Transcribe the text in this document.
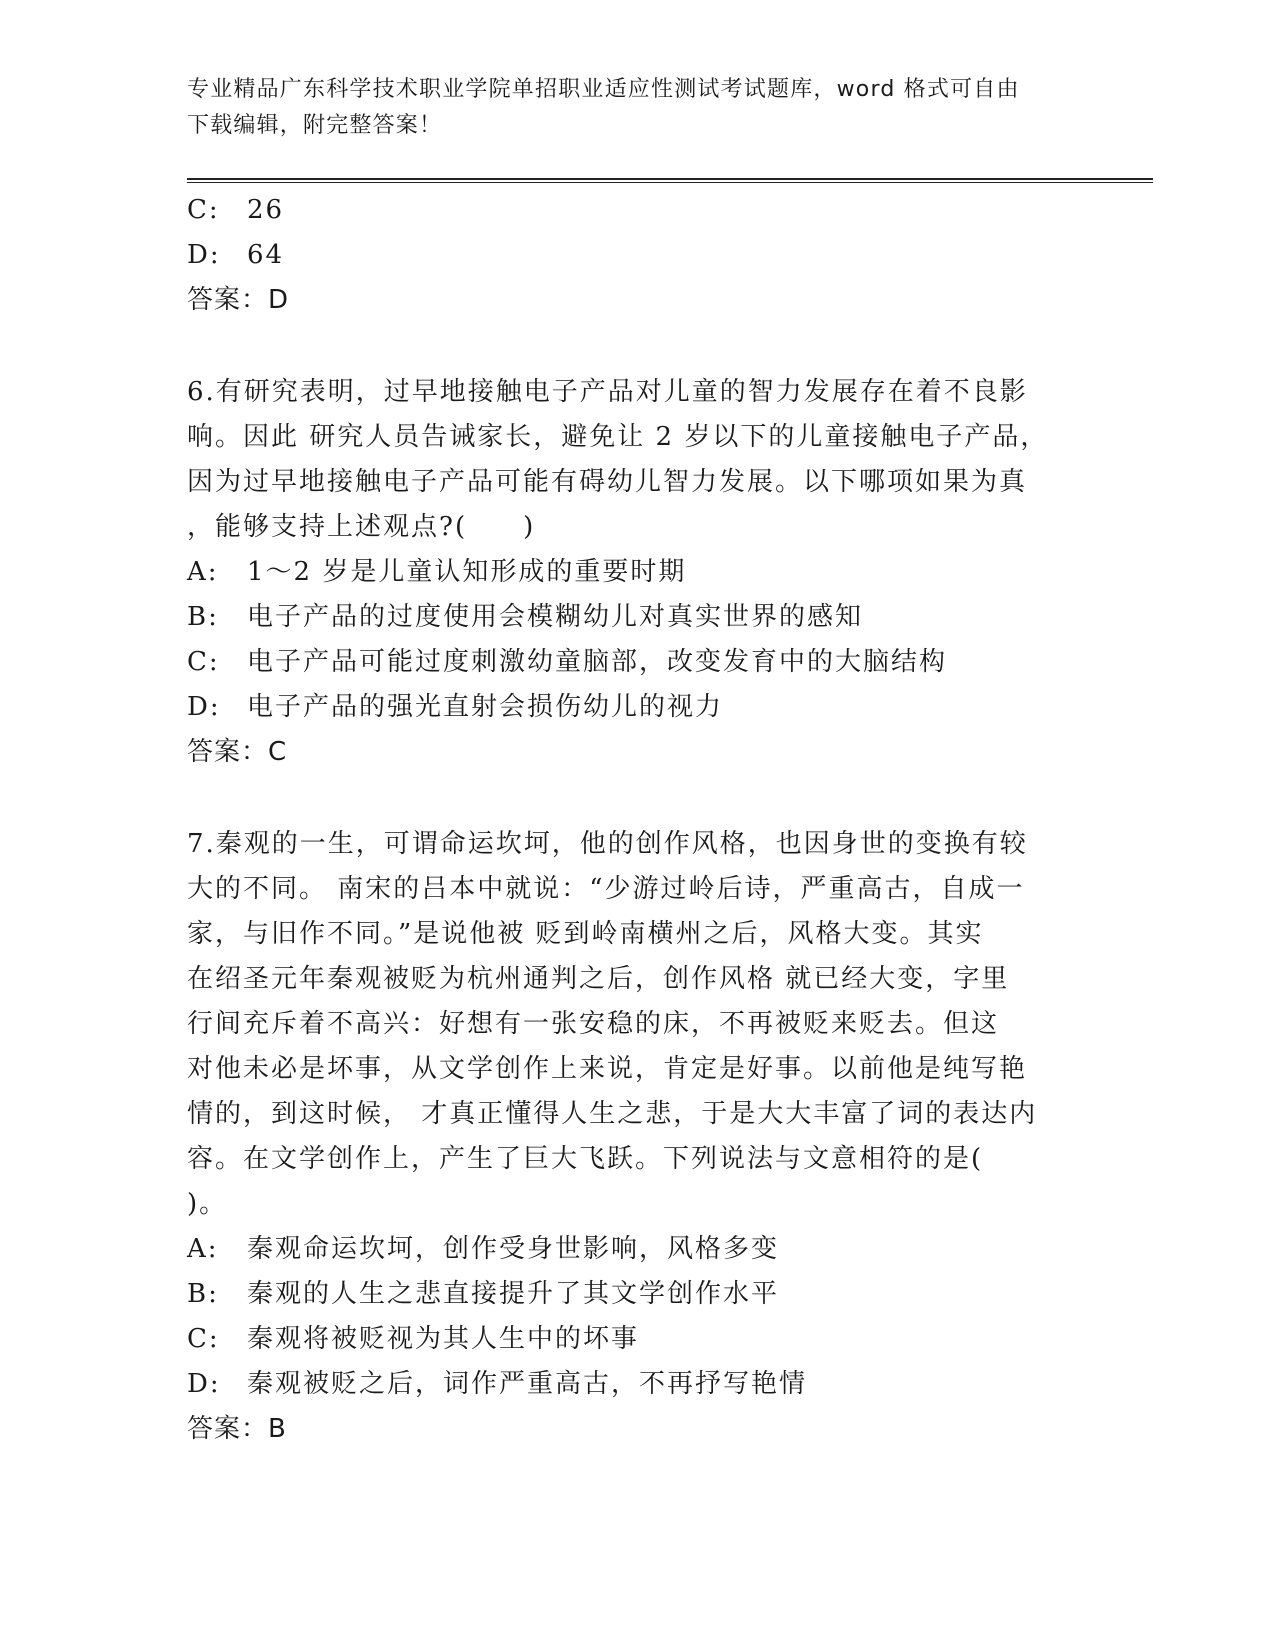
专业精品广东科学技术职业学院单招职业适应性测试考试题库，word 格式可自由
下载编辑，附完整答案！
C: 26
D: 64
答案：D
6.有研究表明，过早地接触电子产品对儿童的智力发展存在着不良影
响。因此 研究人员告诫家长，避免让 2 岁以下的儿童接触电子产品，
因为过早地接触电子产品可能有碍幼儿智力发展。以下哪项如果为真
，能够支持上述观点?(　　)
A: 1～2 岁是儿童认知形成的重要时期
B: 电子产品的过度使用会模糊幼儿对真实世界的感知
C: 电子产品可能过度刺激幼童脑部，改变发育中的大脑结构
D: 电子产品的强光直射会损伤幼儿的视力
答案：C
7.秦观的一生，可谓命运坎坷，他的创作风格，也因身世的变换有较
大的不同。 南宋的吕本中就说：“少游过岭后诗，严重高古，自成一
家，与旧作不同。”是说他被 贬到岭南横州之后，风格大变。其实
在绍圣元年秦观被贬为杭州通判之后，创作风格 就已经大变，字里
行间充斥着不高兴：好想有一张安稳的床，不再被贬来贬去。但这
对他未必是坏事，从文学创作上来说，肯定是好事。以前他是纯写艳
情的，到这时候， 才真正懂得人生之悲，于是大大丰富了词的表达内
容。在文学创作上，产生了巨大飞跃。下列说法与文意相符的是(
)。
A: 秦观命运坎坷，创作受身世影响，风格多变
B: 秦观的人生之悲直接提升了其文学创作水平
C: 秦观将被贬视为其人生中的坏事
D: 秦观被贬之后，词作严重高古，不再抒写艳情
答案：B
